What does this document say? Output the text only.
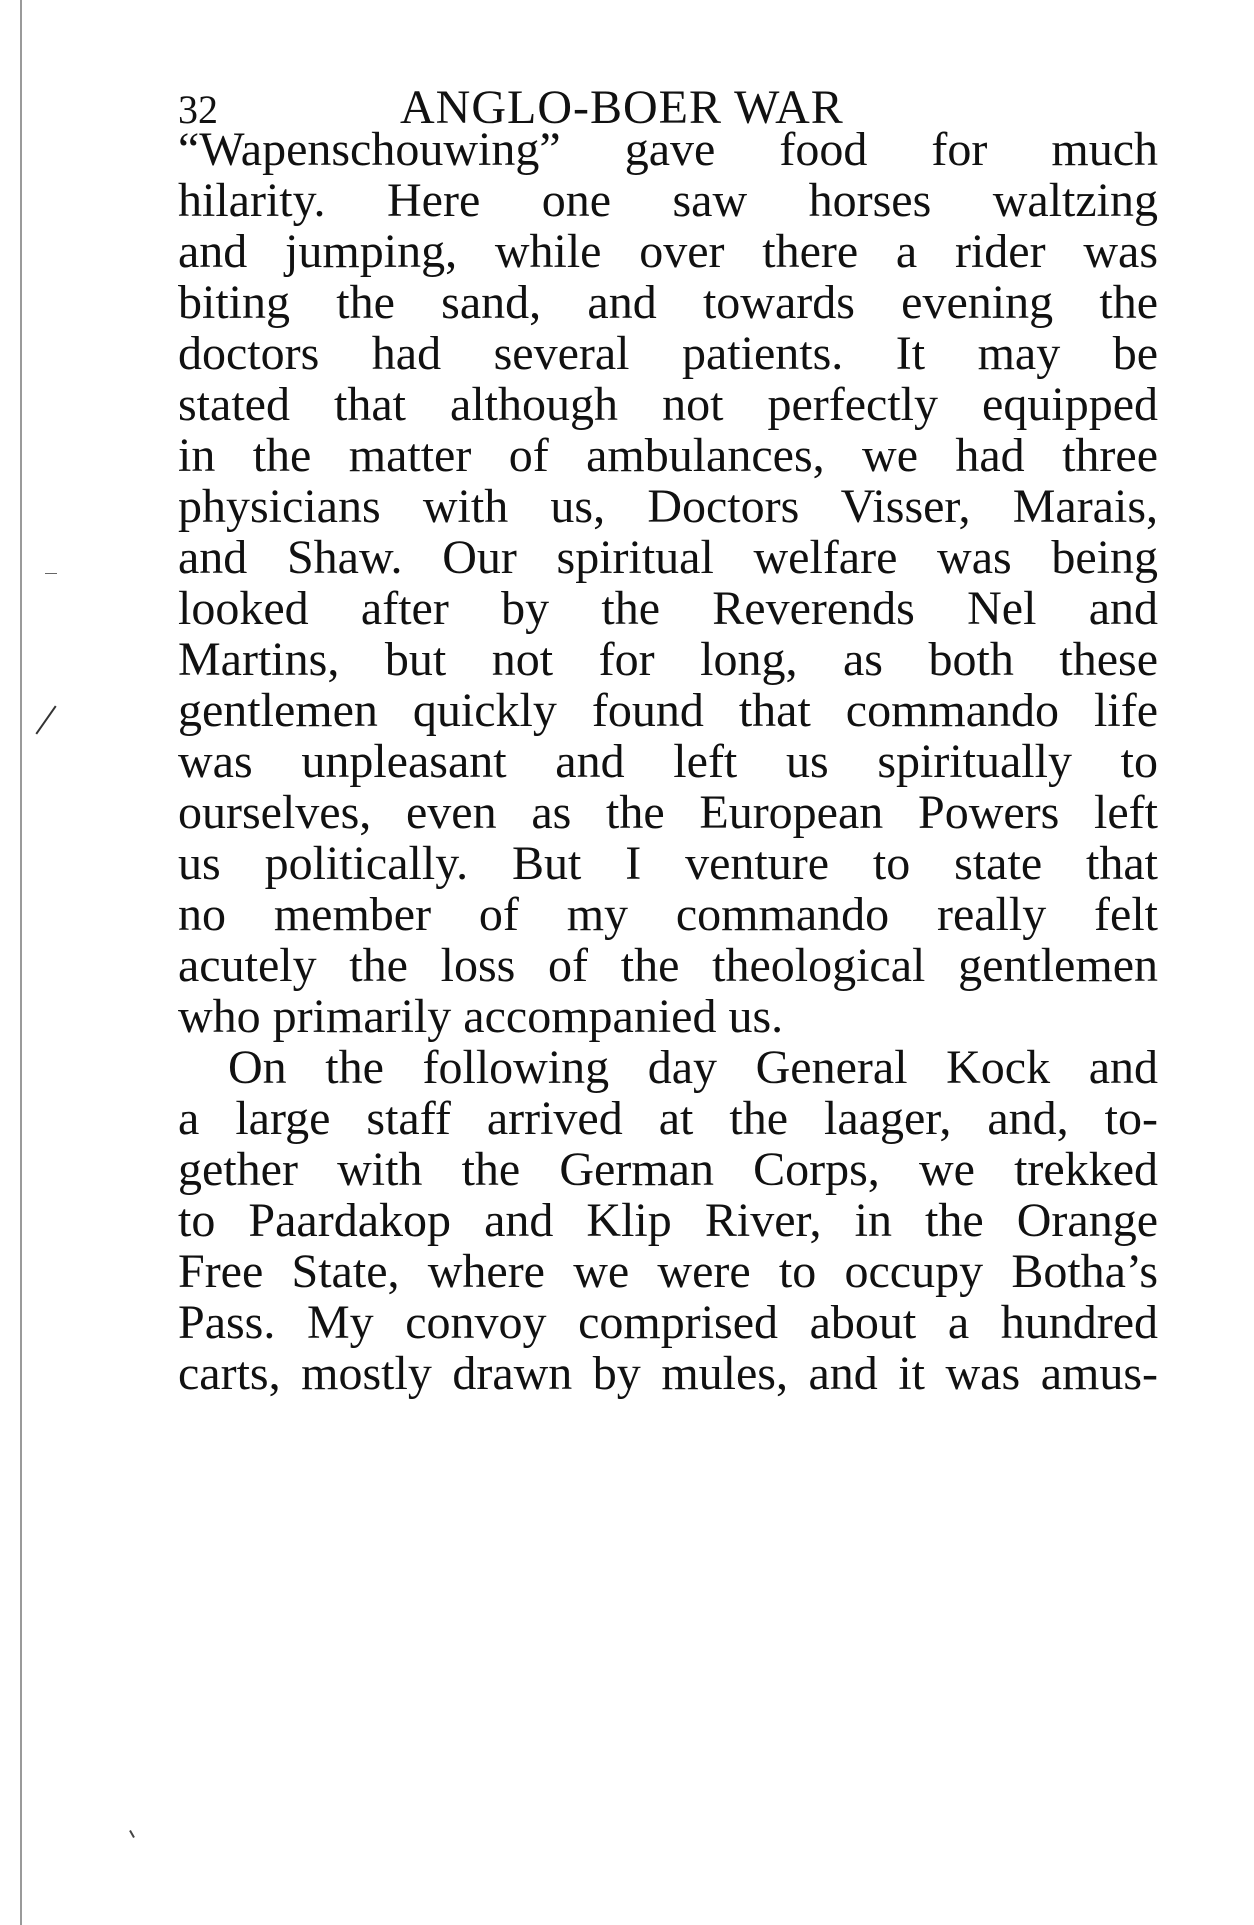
32	ANGLO-BOER WAR
“Wapenschouwing” gave food for much
hilarity. Here one saw horses waltzing
and jumping, while over there a rider was
biting the sand, and towards evening the
doctors had several patients. It may be
stated that although not perfectly equipped
in the matter of ambulances, we had three
physicians with us, Doctors Visser, Marais,
and Shaw. Our spiritual welfare was being
looked after by the Reverends Nel and
Martins, but not for long, as both these
gentlemen quickly found that commando life
was unpleasant and left us spiritually to
ourselves, even as the European Powers left
us politically. But I venture to state that
no member of my commando really felt
acutely the loss of the theological gentlemen
who primarily accompanied us.
On the following day General Kock and
a large staff arrived at the laager, and, to-
gether with the German Corps, we trekked
to Paardakop and Klip River, in the Orange
Free State, where we were to occupy Botha’s
Pass. My convoy comprised about a hundred
carts, mostly drawn by mules, and it was amus-
